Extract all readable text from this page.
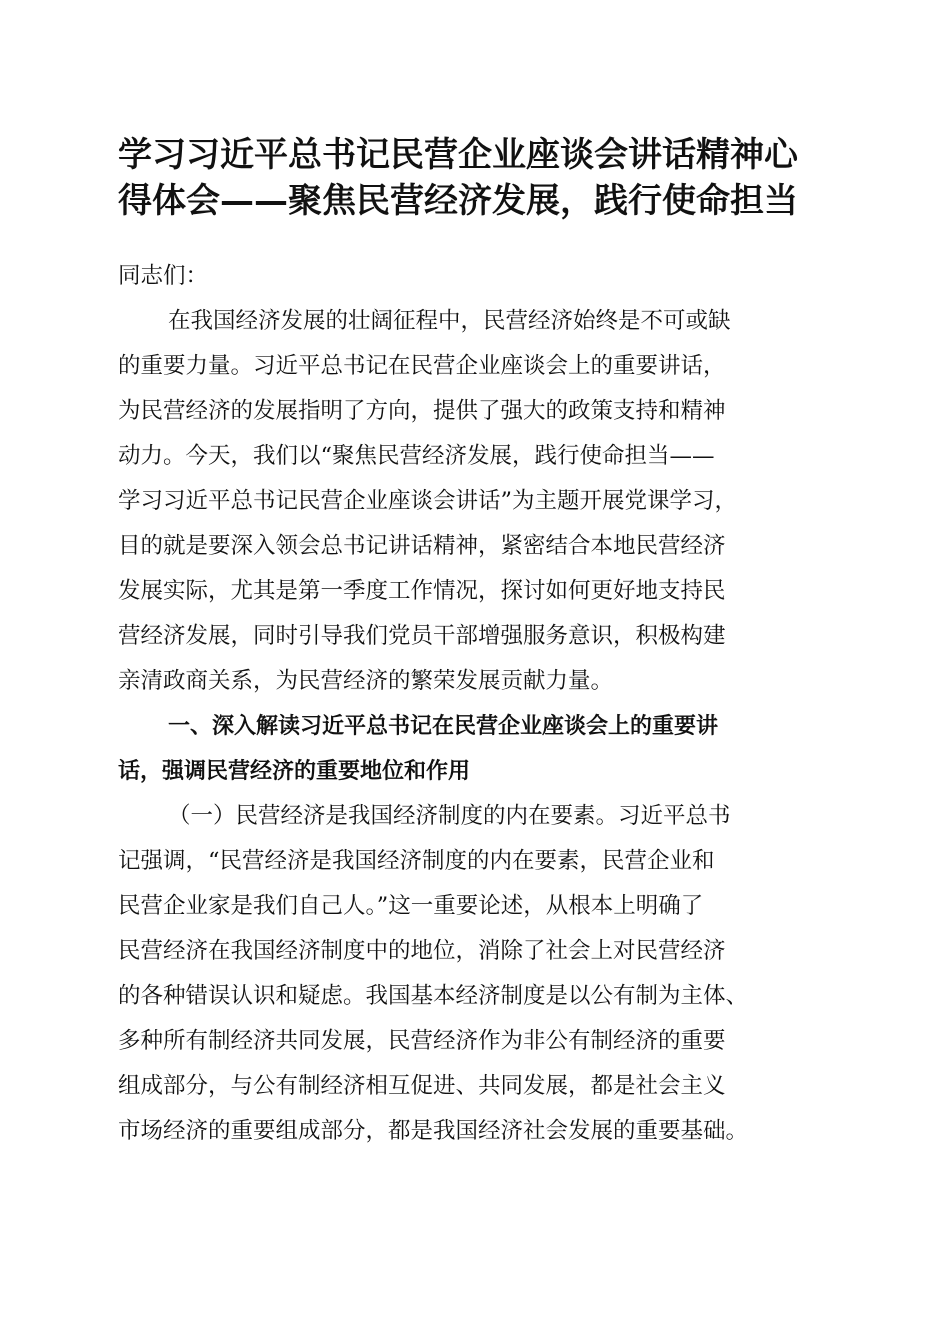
学习习近平总书记民营企业座谈会讲话精神心
得体会——聚焦民营经济发展，践行使命担当

同志们：

在我国经济发展的壮阔征程中，民营经济始终是不可或缺
的重要力量。习近平总书记在民营企业座谈会上的重要讲话，
为民营经济的发展指明了方向，提供了强大的政策支持和精神
动力。今天，我们以“聚焦民营经济发展，践行使命担当——
学习习近平总书记民营企业座谈会讲话”为主题开展党课学习，
目的就是要深入领会总书记讲话精神，紧密结合本地民营经济
发展实际，尤其是第一季度工作情况，探讨如何更好地支持民
营经济发展，同时引导我们党员干部增强服务意识，积极构建
亲清政商关系，为民营经济的繁荣发展贡献力量。

一、深入解读习近平总书记在民营企业座谈会上的重要讲
话，强调民营经济的重要地位和作用

（一）民营经济是我国经济制度的内在要素。习近平总书
记强调，“民营经济是我国经济制度的内在要素，民营企业和
民营企业家是我们自己人。”这一重要论述，从根本上明确了
民营经济在我国经济制度中的地位，消除了社会上对民营经济
的各种错误认识和疑虑。我国基本经济制度是以公有制为主体、
多种所有制经济共同发展，民营经济作为非公有制经济的重要
组成部分，与公有制经济相互促进、共同发展，都是社会主义
市场经济的重要组成部分，都是我国经济社会发展的重要基础。
